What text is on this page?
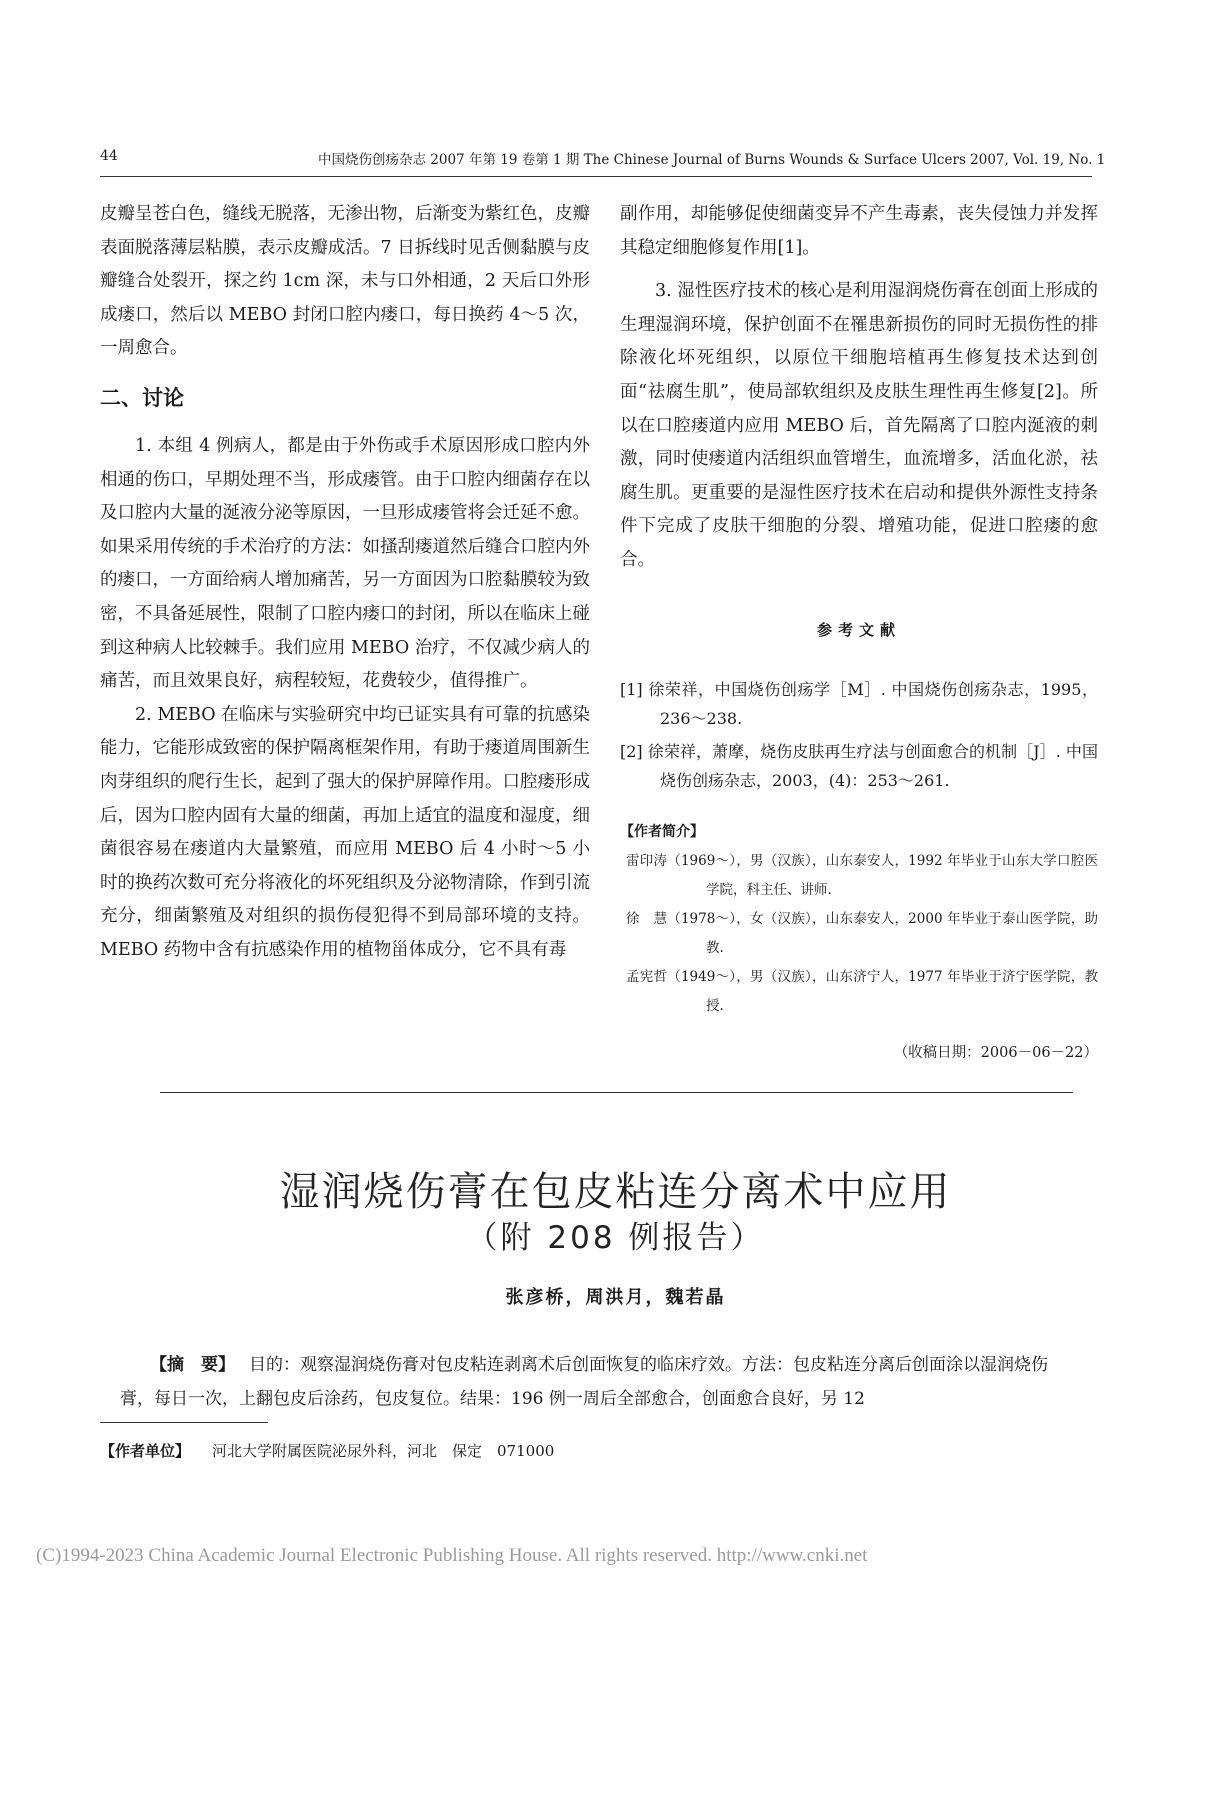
44	中国烧伤创疡杂志 2007 年第 19 卷第 1 期 The Chinese Journal of Burns Wounds & Surface Ulcers 2007, Vol. 19, No. 1

皮瓣呈苍白色，缝线无脱落，无渗出物，后渐变为紫红色，皮瓣表面脱落薄层粘膜，表示皮瓣成活。7 日拆线时见舌侧黏膜与皮瓣缝合处裂开，探之约 1cm 深，未与口外相通，2 天后口外形成瘘口，然后以 MEBO 封闭口腔内瘘口，每日换药 4～5 次，一周愈合。

二、讨论

1. 本组 4 例病人，都是由于外伤或手术原因形成口腔内外相通的伤口，早期处理不当，形成瘘管。由于口腔内细菌存在以及口腔内大量的涎液分泌等原因，一旦形成瘘管将会迁延不愈。如果采用传统的手术治疗的方法：如搔刮瘘道然后缝合口腔内外的瘘口，一方面给病人增加痛苦，另一方面因为口腔黏膜较为致密，不具备延展性，限制了口腔内瘘口的封闭，所以在临床上碰到这种病人比较棘手。我们应用 MEBO 治疗，不仅减少病人的痛苦，而且效果良好，病程较短，花费较少，值得推广。

2. MEBO 在临床与实验研究中均已证实具有可靠的抗感染能力，它能形成致密的保护隔离框架作用，有助于瘘道周围新生肉芽组织的爬行生长，起到了强大的保护屏障作用。口腔瘘形成后，因为口腔内固有大量的细菌，再加上适宜的温度和湿度，细菌很容易在瘘道内大量繁殖，而应用 MEBO 后 4 小时～5 小时的换药次数可充分将液化的坏死组织及分泌物清除，作到引流充分，细菌繁殖及对组织的损伤侵犯得不到局部环境的支持。MEBO 药物中含有抗感染作用的植物甾体成分，它不具有毒

副作用，却能够促使细菌变异不产生毒素，丧失侵蚀力并发挥其稳定细胞修复作用[1]。

3. 湿性医疗技术的核心是利用湿润烧伤膏在创面上形成的生理湿润环境，保护创面不在罹患新损伤的同时无损伤性的排除液化坏死组织，以原位干细胞培植再生修复技术达到创面“祛腐生肌”，使局部软组织及皮肤生理性再生修复[2]。所以在口腔瘘道内应用 MEBO 后，首先隔离了口腔内涎液的刺激，同时使瘘道内活组织血管增生，血流增多，活血化淤，祛腐生肌。更重要的是湿性医疗技术在启动和提供外源性支持条件下完成了皮肤干细胞的分裂、增殖功能，促进口腔瘘的愈合。

参考文献
[1] 徐荣祥，中国烧伤创疡学［M］. 中国烧伤创疡杂志，1995，236～238.
[2] 徐荣祥，萧摩，烧伤皮肤再生疗法与创面愈合的机制［J］. 中国烧伤创疡杂志，2003，(4)：253～261.
【作者简介】
雷印涛（1969～），男（汉族），山东泰安人，1992 年毕业于山东大学口腔医学院，科主任、讲师.
徐　慧（1978～），女（汉族），山东泰安人，2000 年毕业于泰山医学院，助教.
孟宪哲（1949～），男（汉族），山东济宁人，1977 年毕业于济宁医学院，教授.
（收稿日期：2006－06－22）
湿润烧伤膏在包皮粘连分离术中应用
（附 208 例报告）
张彦桥，周洪月，魏若晶
【摘　要】 目的：观察湿润烧伤膏对包皮粘连剥离术后创面恢复的临床疗效。方法：包皮粘连分离后创面涂以湿润烧伤膏，每日一次，上翻包皮后涂药，包皮复位。结果：196 例一周后全部愈合，创面愈合良好，另 12
【作者单位】 河北大学附属医院泌尿外科，河北　保定　071000
(C)1994-2023 China Academic Journal Electronic Publishing House. All rights reserved. http://www.cnki.net
